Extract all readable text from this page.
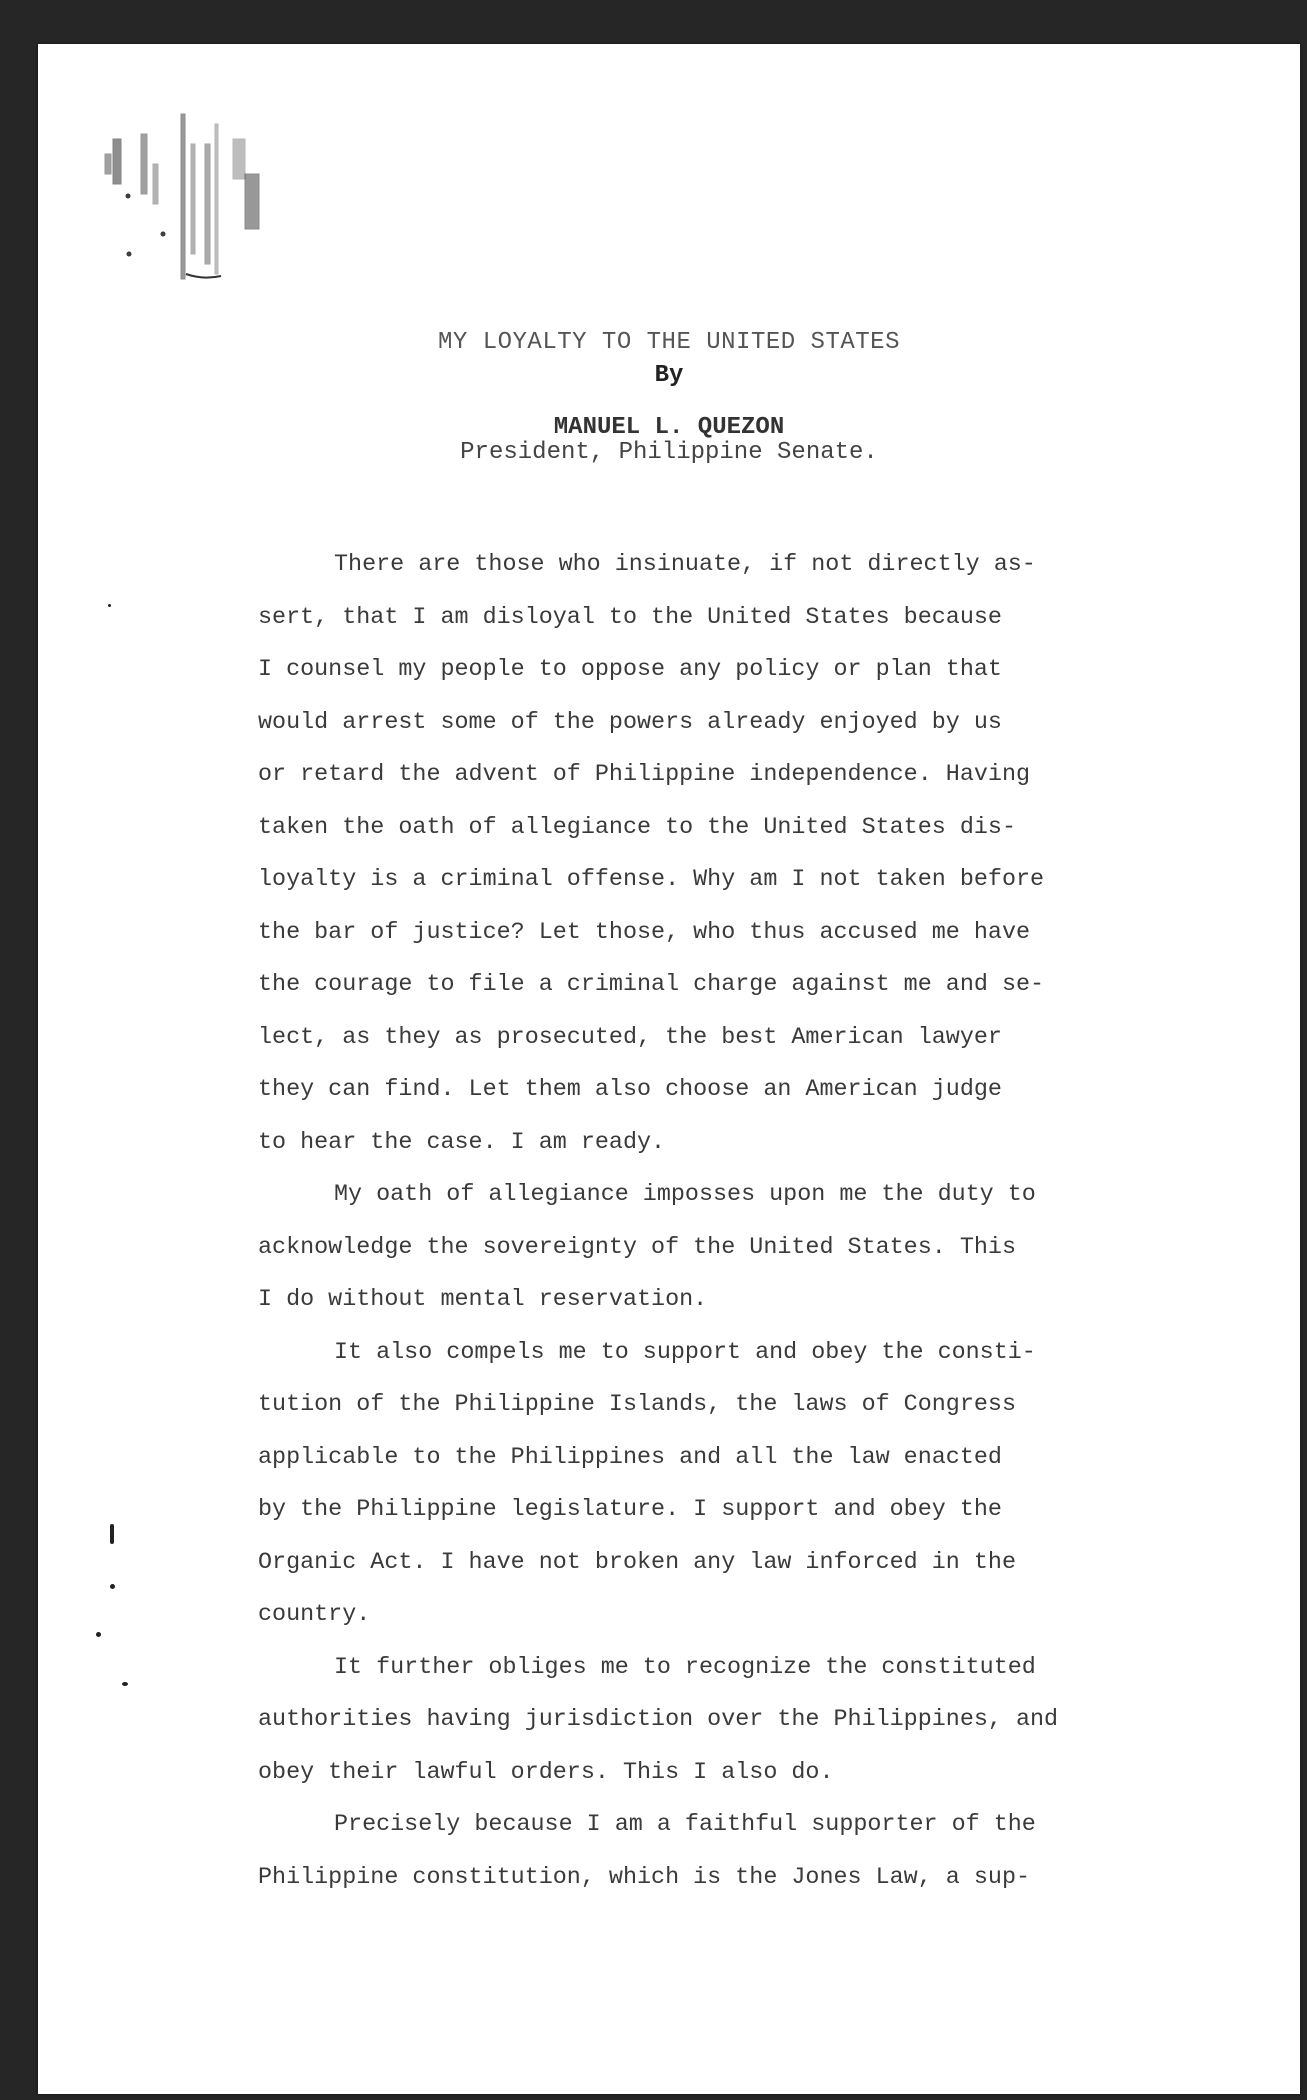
MY LOYALTY TO THE UNITED STATES
By
MANUEL L. QUEZON
President, Philippine Senate.
There are those who insinuate, if not directly as-
sert, that I am disloyal to the United States because
I counsel my people to oppose any policy or plan that
would arrest some of the powers already enjoyed by us
or retard the advent of Philippine independence. Having
taken the oath of allegiance to the United States dis-
loyalty is a criminal offense. Why am I not taken before
the bar of justice? Let those, who thus accused me have
the courage to file a criminal charge against me and se-
lect, as they as prosecuted, the best American lawyer
they can find. Let them also choose an American judge
to hear the case. I am ready.
My oath of allegiance imposses upon me the duty to
acknowledge the sovereignty of the United States. This
I do without mental reservation.
It also compels me to support and obey the consti-
tution of the Philippine Islands, the laws of Congress
applicable to the Philippines and all the law enacted
by the Philippine legislature. I support and obey the
Organic Act. I have not broken any law inforced in the
country.
It further obliges me to recognize the constituted
authorities having jurisdiction over the Philippines, and
obey their lawful orders. This I also do.
Precisely because I am a faithful supporter of the
Philippine constitution, which is the Jones Law, a sup-
